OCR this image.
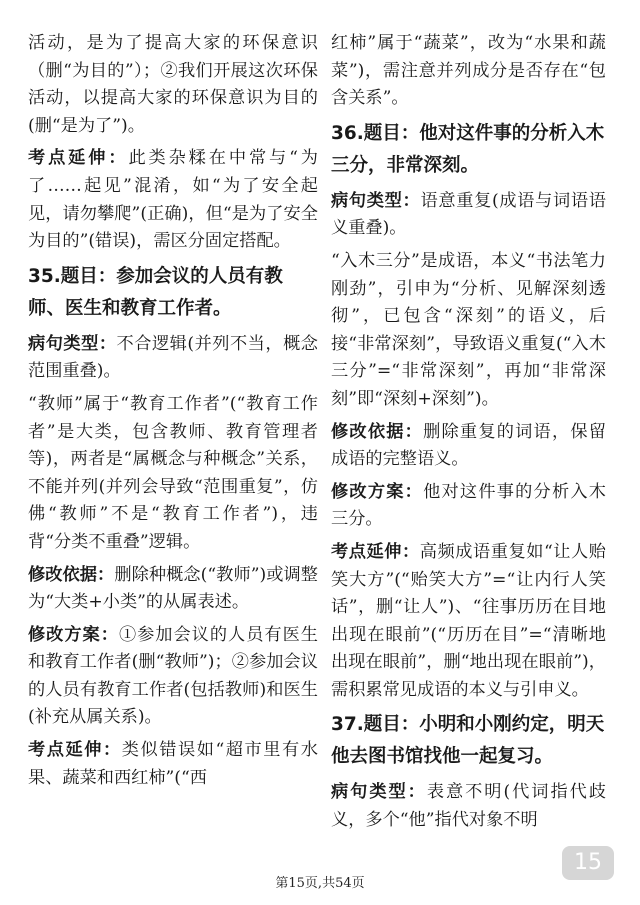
活动，是为了提高大家的环保意识（删“为目的”）；②我们开展这次环保活动，以提高大家的环保意识为目的(删“是为了”)。
考点延伸：此类杂糅在中常与“为了……起见”混淆，如“为了安全起见，请勿攀爬”(正确)，但“是为了安全为目的”(错误)，需区分固定搭配。
35.题目：参加会议的人员有教师、医生和教育工作者。
病句类型：不合逻辑(并列不当，概念范围重叠)。
“教师”属于“教育工作者”(“教育工作者”是大类，包含教师、教育管理者等)，两者是“属概念与种概念”关系，不能并列(并列会导致“范围重复”，仿佛“教师”不是“教育工作者”)，违背“分类不重叠”逻辑。
修改依据：删除种概念(“教师”)或调整为“大类+小类”的从属表述。
修改方案：①参加会议的人员有医生和教育工作者(删“教师”)；②参加会议的人员有教育工作者(包括教师)和医生(补充从属关系)。
考点延伸：类似错误如“超市里有水果、蔬菜和西红柿”(“西
红柿”属于“蔬菜”，改为“水果和蔬菜”)，需注意并列成分是否存在“包含关系”。
36.题目：他对这件事的分析入木三分，非常深刻。
病句类型：语意重复(成语与词语语义重叠)。
“入木三分”是成语，本义“书法笔力刚劲”，引申为“分析、见解深刻透彻”，已包含“深刻”的语义，后接“非常深刻”，导致语义重复(“入木三分”=“非常深刻”，再加“非常深刻”即“深刻+深刻”)。
修改依据：删除重复的词语，保留成语的完整语义。
修改方案：他对这件事的分析入木三分。
考点延伸：高频成语重复如“让人贻笑大方”(“贻笑大方”=“让内行人笑话”，删“让人”)、“往事历历在目地出现在眼前”(“历历在目”=“清晰地出现在眼前”，删“地出现在眼前”)，需积累常见成语的本义与引申义。
37.题目：小明和小刚约定，明天他去图书馆找他一起复习。
病句类型：表意不明(代词指代歧义，多个“他”指代对象不明
第15页,共54页
15
